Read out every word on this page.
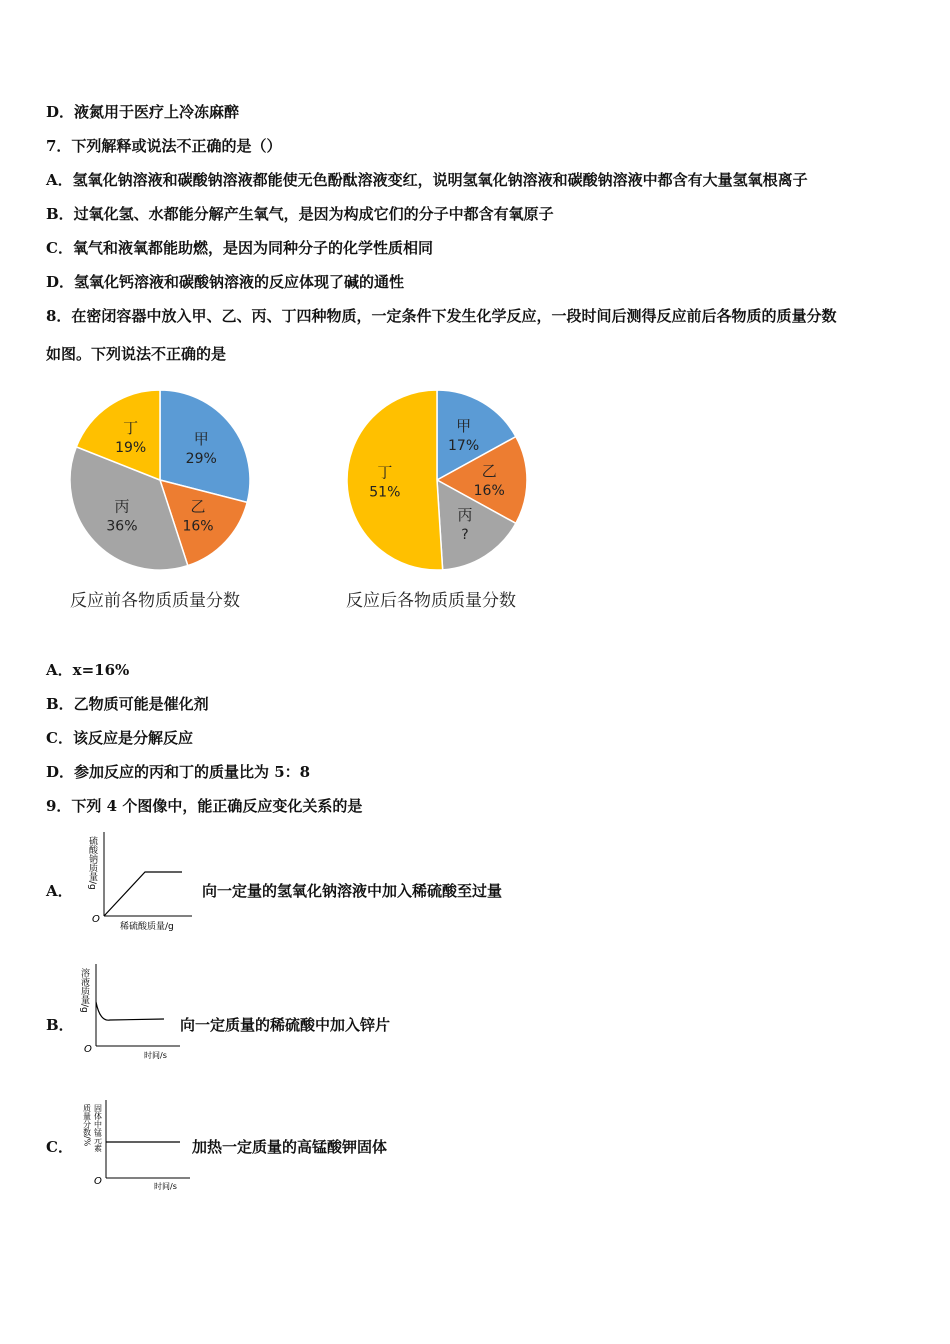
D．液氮用于医疗上冷冻麻醉
7．下列解释或说法不正确的是（）
A．氢氧化钠溶液和碳酸钠溶液都能使无色酚酞溶液变红，说明氢氧化钠溶液和碳酸钠溶液中都含有大量氢氧根离子
B．过氧化氢、水都能分解产生氧气，是因为构成它们的分子中都含有氧原子
C．氧气和液氧都能助燃，是因为同种分子的化学性质相同
D．氢氧化钙溶液和碳酸钠溶液的反应体现了碱的通性
8．在密闭容器中放入甲、乙、丙、丁四种物质，一定条件下发生化学反应，一段时间后测得反应前后各物质的质量分数
如图。下列说法不正确的是
甲
29%
乙
16%
丙
36%
丁
19%
甲
17%
乙
16%
丙
?
丁
51%
反应前各物质质量分数	反应后各物质质量分数
A．x=16%
B．乙物质可能是催化剂
C．该反应是分解反应
D．参加反应的丙和丁的质量比为 5：8
9．下列 4 个图像中，能正确反应变化关系的是
A．
硫酸钠质量/g
O
稀硫酸质量/g
向一定量的氢氧化钠溶液中加入稀硫酸至过量
B．
溶液质量/g
O
时间/s
向一定质量的稀硫酸中加入锌片
C．	固体中锰元素
质量分数/%
O	时间/s
加热一定质量的高锰酸钾固体
